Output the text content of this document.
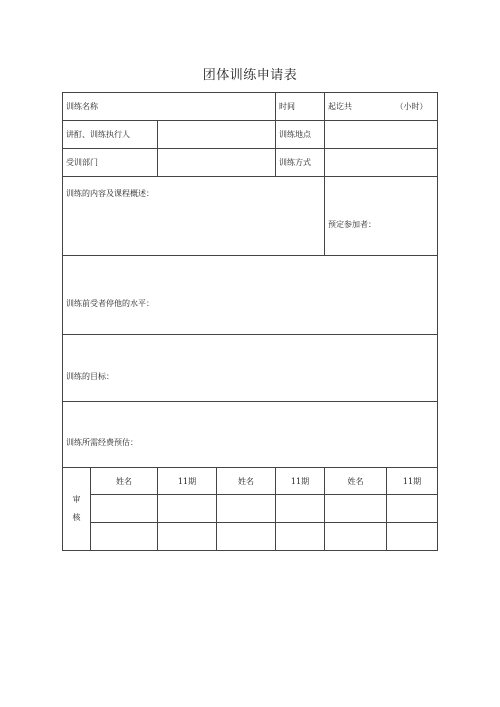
团体训练申请表
训练名称				时间	起讫共 （小时）	

讲酊、训练执行人				训练地点		
受训部门				训练方式		

训练的内容及课程概述：					预定参加者：	

训练前受者停他的水平：						

训练的目标：						

训练所需经费预估：						

审
核	姓名	11期	姓名	11期	姓名	11期
